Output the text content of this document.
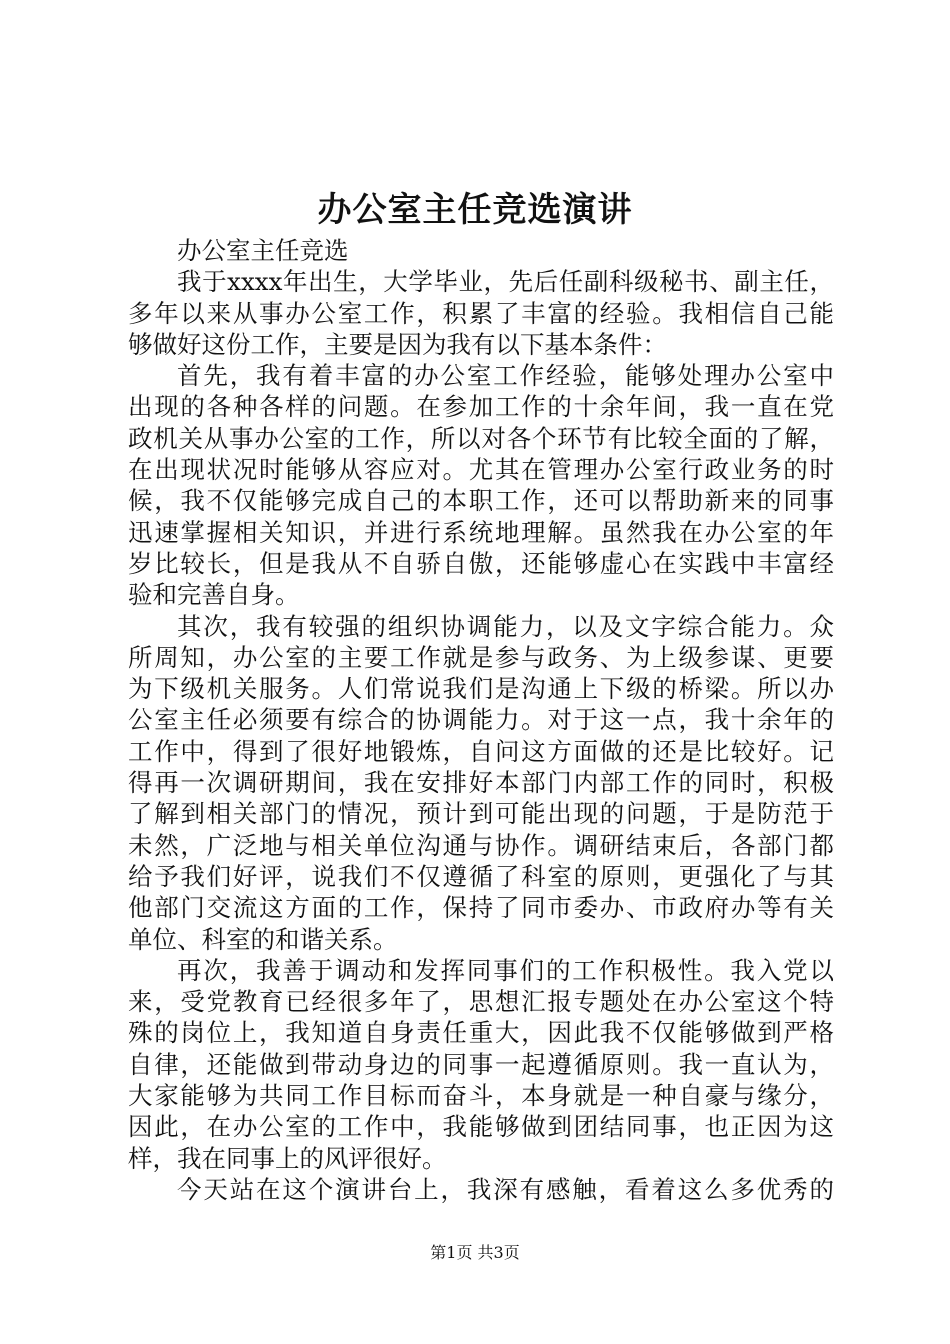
办公室主任竞选演讲
办公室主任竞选
我于xxxx年出生，大学毕业，先后任副科级秘书、副主任，
多年以来从事办公室工作，积累了丰富的经验。我相信自己能
够做好这份工作，主要是因为我有以下基本条件：
首先，我有着丰富的办公室工作经验，能够处理办公室中
出现的各种各样的问题。在参加工作的十余年间，我一直在党
政机关从事办公室的工作，所以对各个环节有比较全面的了解，
在出现状况时能够从容应对。尤其在管理办公室行政业务的时
候，我不仅能够完成自己的本职工作，还可以帮助新来的同事
迅速掌握相关知识，并进行系统地理解。虽然我在办公室的年
岁比较长，但是我从不自骄自傲，还能够虚心在实践中丰富经
验和完善自身。
其次，我有较强的组织协调能力，以及文字综合能力。众
所周知，办公室的主要工作就是参与政务、为上级参谋、更要
为下级机关服务。人们常说我们是沟通上下级的桥梁。所以办
公室主任必须要有综合的协调能力。对于这一点，我十余年的
工作中，得到了很好地锻炼，自问这方面做的还是比较好。记
得再一次调研期间，我在安排好本部门内部工作的同时，积极
了解到相关部门的情况，预计到可能出现的问题，于是防范于
未然，广泛地与相关单位沟通与协作。调研结束后，各部门都
给予我们好评，说我们不仅遵循了科室的原则，更强化了与其
他部门交流这方面的工作，保持了同市委办、市政府办等有关
单位、科室的和谐关系。
再次，我善于调动和发挥同事们的工作积极性。我入党以
来，受党教育已经很多年了，思想汇报专题处在办公室这个特
殊的岗位上，我知道自身责任重大，因此我不仅能够做到严格
自律，还能做到带动身边的同事一起遵循原则。我一直认为，
大家能够为共同工作目标而奋斗，本身就是一种自豪与缘分，
因此，在办公室的工作中，我能够做到团结同事，也正因为这
样，我在同事上的风评很好。
今天站在这个演讲台上，我深有感触，看着这么多优秀的
第1页 共3页
